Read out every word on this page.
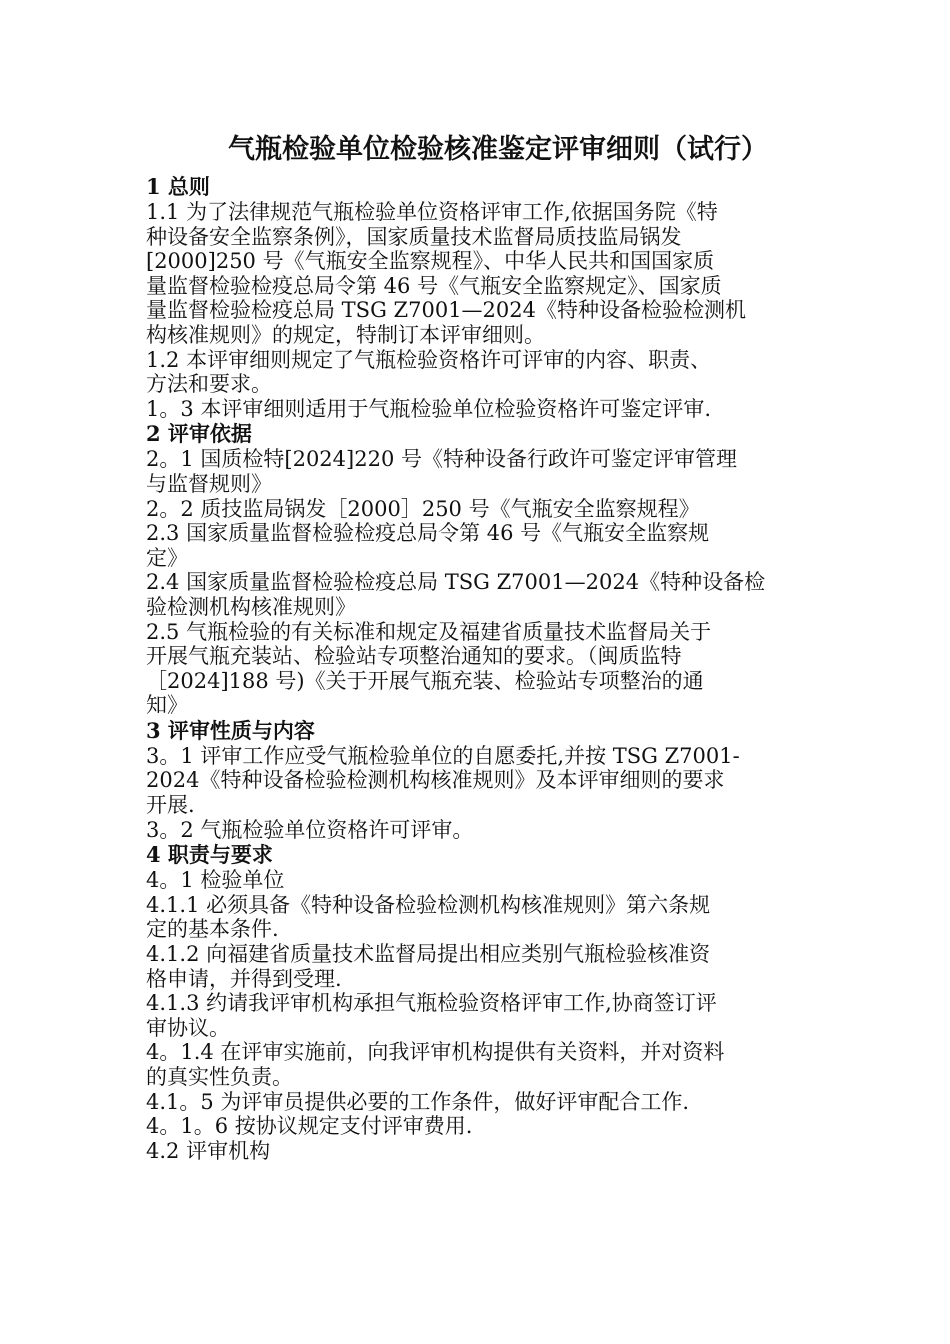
气瓶检验单位检验核准鉴定评审细则（试行）
1 总则
1.1 为了法律规范气瓶检验单位资格评审工作,依据国务院《特
种设备安全监察条例》，国家质量技术监督局质技监局锅发
[2000]250 号《气瓶安全监察规程》、中华人民共和国国家质
量监督检验检疫总局令第 46 号《气瓶安全监察规定》、国家质
量监督检验检疫总局 TSG Z7001—2024《特种设备检验检测机
构核准规则》的规定，特制订本评审细则。
1.2 本评审细则规定了气瓶检验资格许可评审的内容、职责、
方法和要求。
1。3 本评审细则适用于气瓶检验单位检验资格许可鉴定评审.
2 评审依据
2。1 国质检特[2024]220 号《特种设备行政许可鉴定评审管理
与监督规则》
2。2 质技监局锅发［2000］250 号《气瓶安全监察规程》
2.3 国家质量监督检验检疫总局令第 46 号《气瓶安全监察规
定》
2.4 国家质量监督检验检疫总局 TSG Z7001—2024《特种设备检
验检测机构核准规则》
2.5 气瓶检验的有关标准和规定及福建省质量技术监督局关于
开展气瓶充装站、检验站专项整治通知的要求。（闽质监特
［2024]188 号)《关于开展气瓶充装、检验站专项整治的通
知》
3 评审性质与内容
3。1 评审工作应受气瓶检验单位的自愿委托,并按 TSG Z7001-
2024《特种设备检验检测机构核准规则》及本评审细则的要求
开展.
3。2 气瓶检验单位资格许可评审。
4 职责与要求
4。1 检验单位
4.1.1 必须具备《特种设备检验检测机构核准规则》第六条规
定的基本条件.
4.1.2 向福建省质量技术监督局提出相应类别气瓶检验核准资
格申请，并得到受理.
4.1.3 约请我评审机构承担气瓶检验资格评审工作,协商签订评
审协议。
4。1.4 在评审实施前，向我评审机构提供有关资料，并对资料
的真实性负责。
4.1。5 为评审员提供必要的工作条件，做好评审配合工作.
4。1。6 按协议规定支付评审费用.
4.2 评审机构
